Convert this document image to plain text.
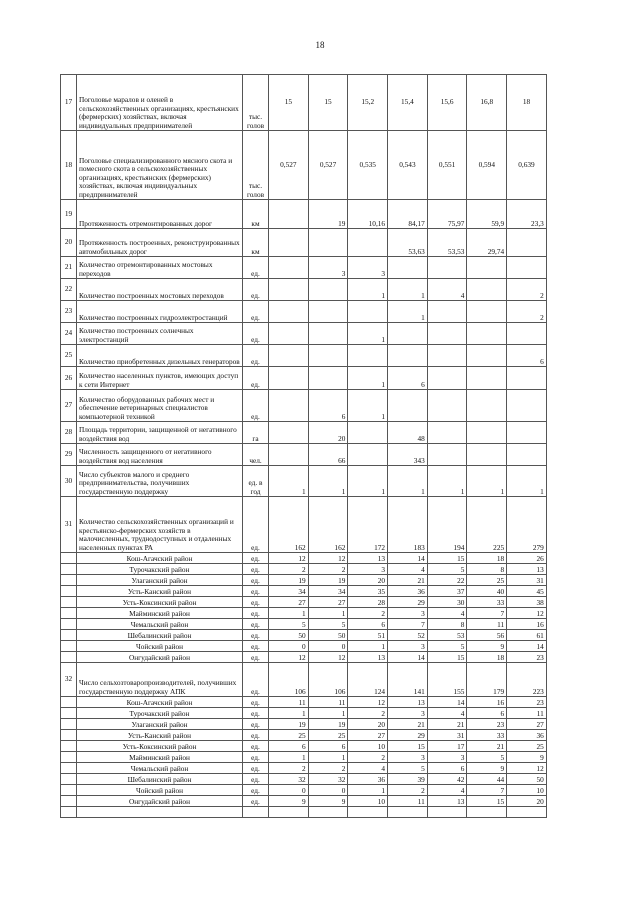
18
17	Поголовье маралов и оленей в сельскохозяйственных организациях, крестьянских (фермерских) хозяйствах, включая индивидуальных предпринимателей	тыс. голов	15	15	15,2	15,4	15,6	16,8	18
18	Поголовье специализированного мясного скота и помесного скота в сельскохозяйственных организациях, крестьянских (фермерских) хозяйствах, включая индивидуальных предпринимателей	тыс. голов	0,527	0,527	0,535	0,543	0,551	0,594	0,639
19	Протяженность отремонтированных дорог	км		19	10,16	84,17	75,97	59,9	23,3
20	Протяженность построенных, реконструированных автомобильных дорог	км				53,63	53,53	29,74	
21	Количество отремонтированных мостовых переходов	ед.		3	3				
22	Количество построенных мостовых переходов	ед.			1	1	4		2
23	Количество построенных гидроэлектростанций	ед.				1			2
24	Количество построенных солнечных электростанций	ед.			1				
25	Количество приобретенных дизельных генераторов	ед.							6
26	Количество населенных пунктов, имеющих доступ к сети Интернет	ед.			1	6			
27	Количество оборудованных рабочих мест и обеспечение ветеринарных специалистов компьютерной техникой	ед.		6	1				
28	Площадь территории, защищенной от негативного воздействия вод	га		20		48			
29	Численность защищенного от негативного воздействия вод населения	чел.		66		343			
30	Число субъектов малого и среднего предпринимательства, получивших государственную поддержку	ед. в год	1	1	1	1	1	1	1
31	Количество сельскохозяйственных организаций и крестьянско-фермерских хозяйств в малочисленных, труднодоступных и отдаленных населенных пунктах РА	ед.	162	162	172	183	194	225	279
	Кош-Агачский район	ед.	12	12	13	14	15	18	26
	Турочакский район	ед.	2	2	3	4	5	8	13
	Улаганский район	ед.	19	19	20	21	22	25	31
	Усть-Канский район	ед.	34	34	35	36	37	40	45
	Усть-Коксинский район	ед.	27	27	28	29	30	33	38
	Майминский район	ед.	1	1	2	3	4	7	12
	Чемальский район	ед.	5	5	6	7	8	11	16
	Шебалинский район	ед.	50	50	51	52	53	56	61
	Чойский район	ед.	0	0	1	3	5	9	14
	Онгудайский район	ед.	12	12	13	14	15	18	23
32	Число сельхозтоваропроизводителей, получивших государственную поддержку АПК	ед.	106	106	124	141	155	179	223
	Кош-Агачский район	ед.	11	11	12	13	14	16	23
	Турочакский район	ед.	1	1	2	3	4	6	11
	Улаганский район	ед.	19	19	20	21	21	23	27
	Усть-Канский район	ед.	25	25	27	29	31	33	36
	Усть-Коксинский район	ед.	6	6	10	15	17	21	25
	Майминский район	ед.	1	1	2	3	3	5	9
	Чемальский район	ед.	2	2	4	5	6	9	12
	Шебалинский район	ед.	32	32	36	39	42	44	50
	Чойский район	ед.	0	0	1	2	4	7	10
	Онгудайский район	ед.	9	9	10	11	13	15	20
